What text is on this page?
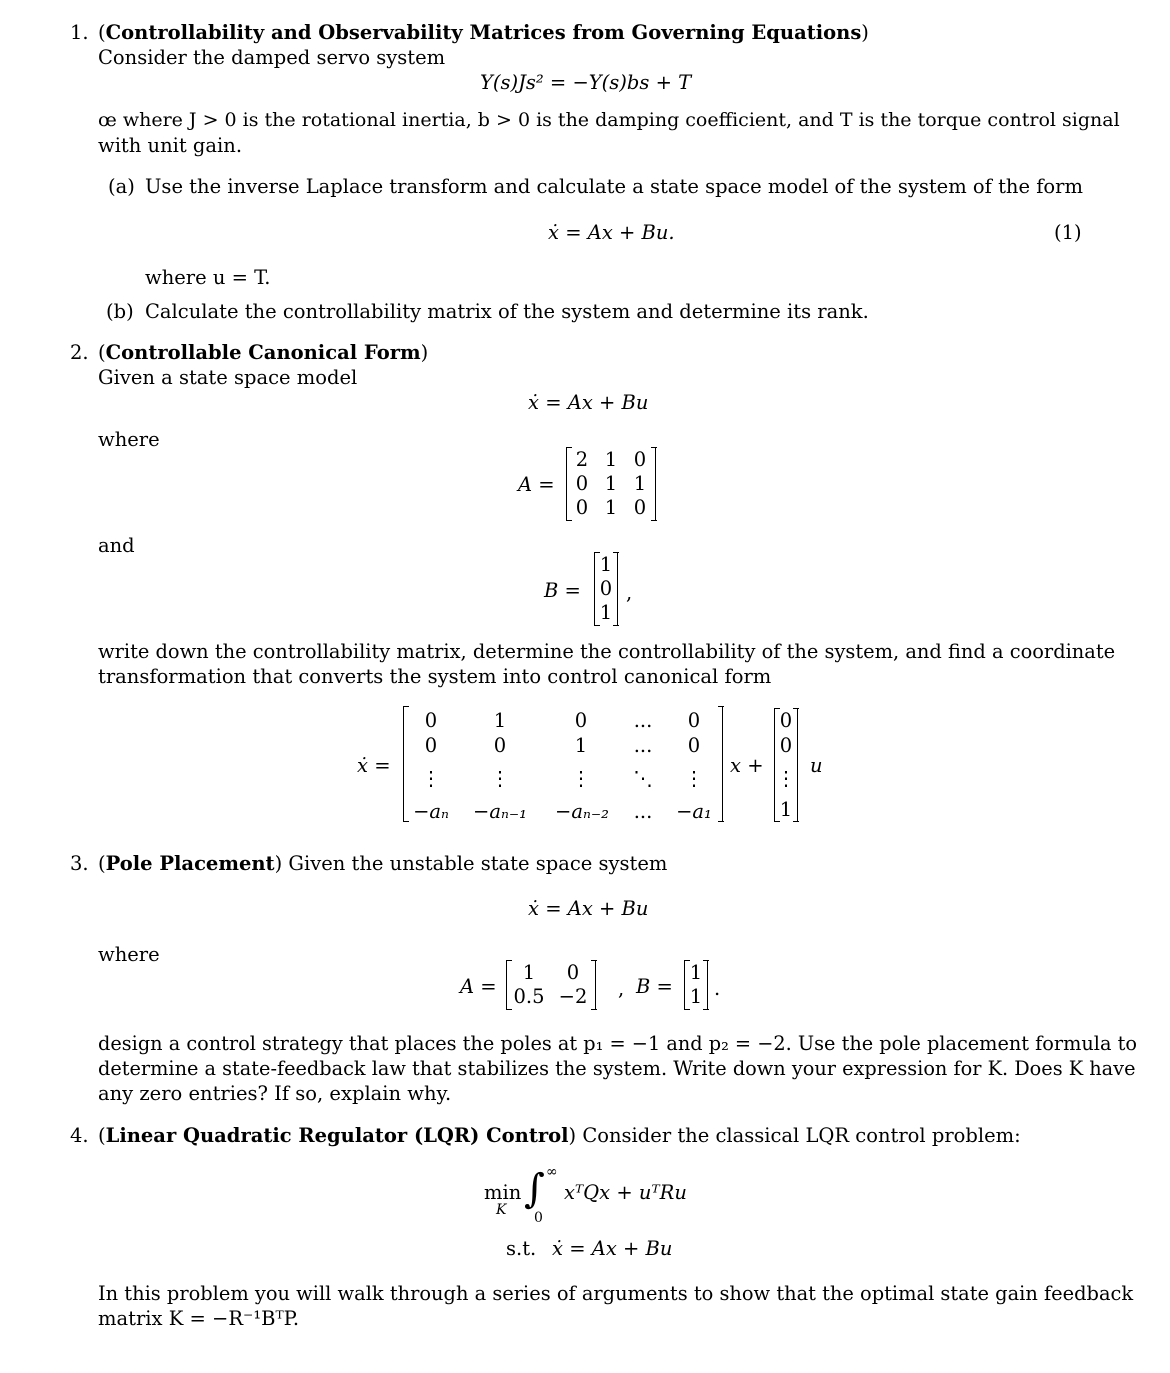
1. (Controllability and Observability Matrices from Governing Equations)
Consider the damped servo system
Y(s)Js² = −Y(s)bs + T
œ where J > 0 is the rotational inertia, b > 0 is the damping coefficient, and T is the torque control signal
with unit gain.
(a) Use the inverse Laplace transform and calculate a state space model of the system of the form
ẋ = Ax + Bu.	(1)
where u = T.
(b) Calculate the controllability matrix of the system and determine its rank.
2. (Controllable Canonical Form)
Given a state space model
ẋ = Ax + Bu
where
A =
2 1 0
0 1 1
0 1 0
and
B =
1
0
1
,
write down the controllability matrix, determine the controllability of the system, and find a coordinate
transformation that converts the system into control canonical form
ẋ =
0	1	0	...	0
0	0	1	...	0
⋮	⋮	⋮	⋱	⋮
−aₙ	−aₙ₋₁	−aₙ₋₂	...	−a₁
x +
0
0
⋮
1
u
3. (Pole Placement) Given the unstable state space system
ẋ = Ax + Bu
where
A =
1	0
0.5 −2 , B =
1
1 .
design a control strategy that places the poles at p₁ = −1 and p₂ = −2. Use the pole placement formula to
determine a state-feedback law that stabilizes the system. Write down your expression for K. Does K have
any zero entries? If so, explain why.
4. (Linear Quadratic Regulator (LQR) Control) Consider the classical LQR control problem:
min
K ∫ ∞
0
xᵀQx + uᵀRu
s.t. ẋ = Ax + Bu
In this problem you will walk through a series of arguments to show that the optimal state gain feedback
matrix K = −R⁻¹BᵀP.
